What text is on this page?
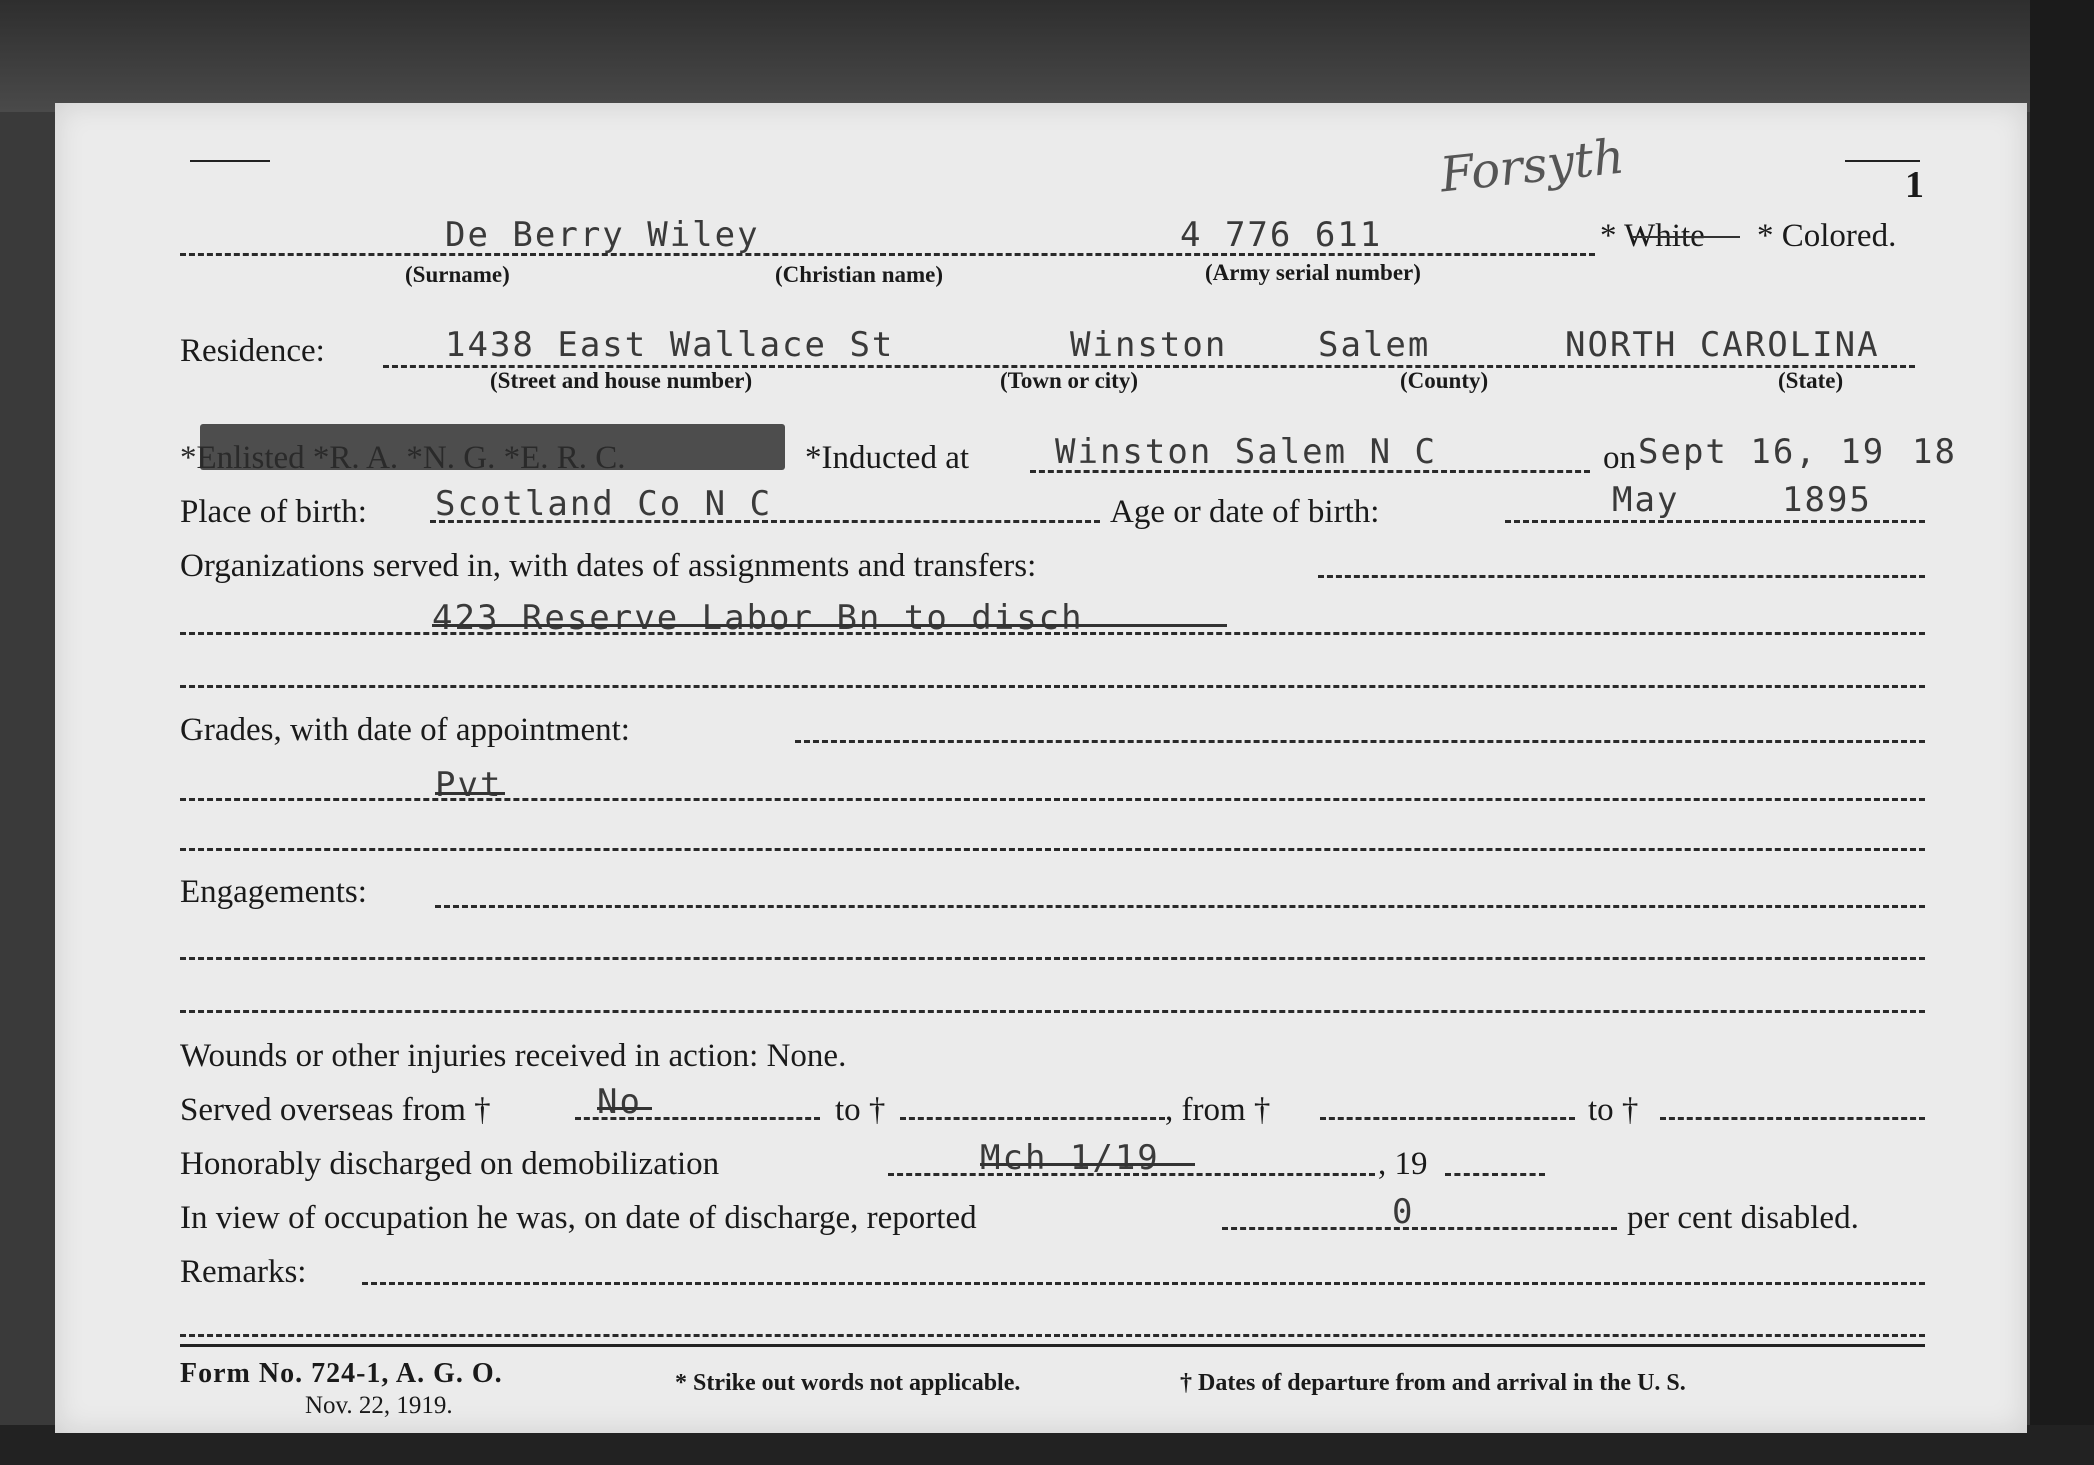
Forsyth	1
De Berry Wiley	4 776 611	* White * Colored.
(Surname)	(Christian name)	(Army serial number)
Residence:	1438 East Wallace St	Winston	Salem	NORTH CAROLINA
(Street and house number)	(Town or city)	(County)	(State)
*Enlisted *R. A. *N. G. *E. R. C.	*Inducted at	Winston Salem N C	on Sept 16, 19 18
Place of birth: Scotland Co N C	Age or date of birth:	May	1895
Organizations served in, with dates of assignments and transfers:
423 Reserve Labor Bn to disch
Grades, with date of appointment:
Pvt
Engagements:
Wounds or other injuries received in action: None.
Served overseas from †	No	to †	, from †	to †
Honorably discharged on demobilization	Mch 1/19	, 19
In view of occupation he was, on date of discharge, reported	0	per cent disabled.
Remarks:
Form No. 724-1, A. G. O.
Nov. 22, 1919.
* Strike out words not applicable.	† Dates of departure from and arrival in the U. S.
